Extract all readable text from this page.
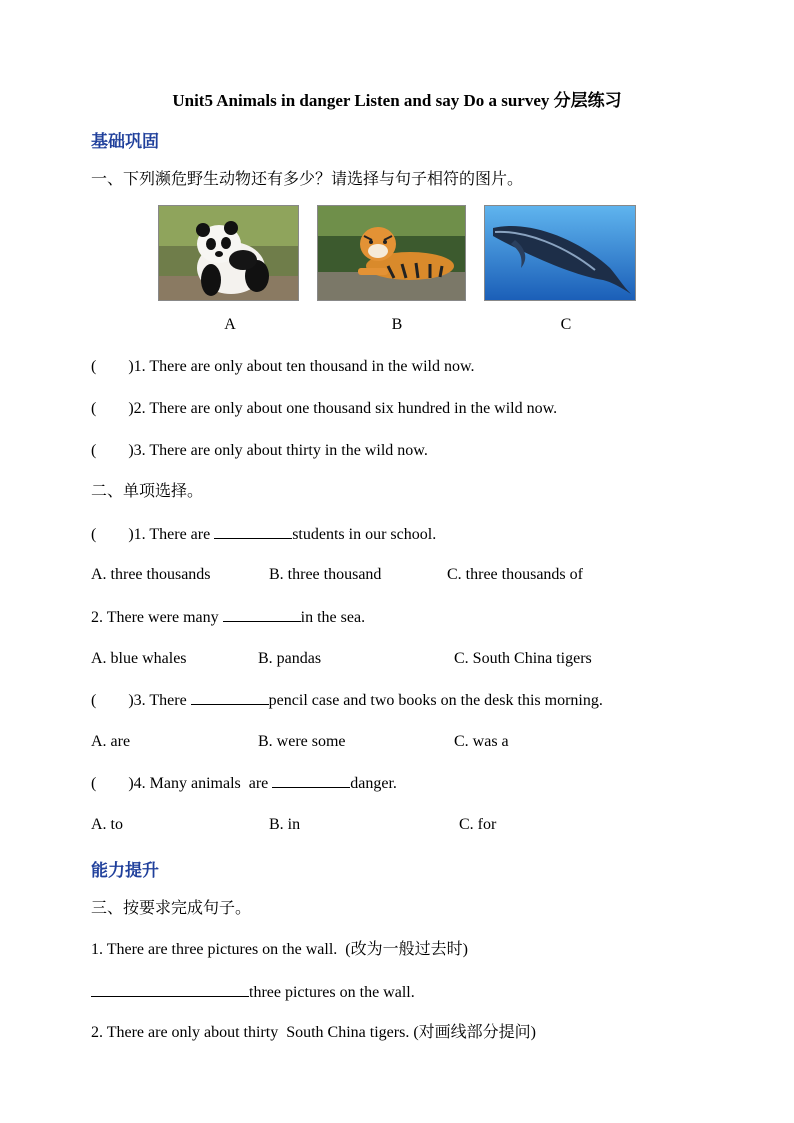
Unit5 Animals in danger Listen and say Do a survey 分层练习
基础巩固
一、下列濒危野生动物还有多少？请选择与句子相符的图片。
A	B	C
(        )1. There are only about ten thousand in the wild now.
(        )2. There are only about one thousand six hundred in the wild now.
(        )3. There are only about thirty in the wild now.
二、单项选择。
(        )1. There are	students in our school.
A. three thousands	B. three thousand	C. three thousands of
2. There were many	in the sea.
A. blue whales	B. pandas	C. South China tigers
(        )3. There	pencil case and two books on the desk this morning.
A. are	B. were some	C. was a
(        )4. Many animals  are	danger.
A. to	B. in	C. for
能力提升
三、按要求完成句子。
1. There are three pictures on the wall.  (改为一般过去时)
three pictures on the wall.
2. There are only about thirty  South China tigers. (对画线部分提问)
